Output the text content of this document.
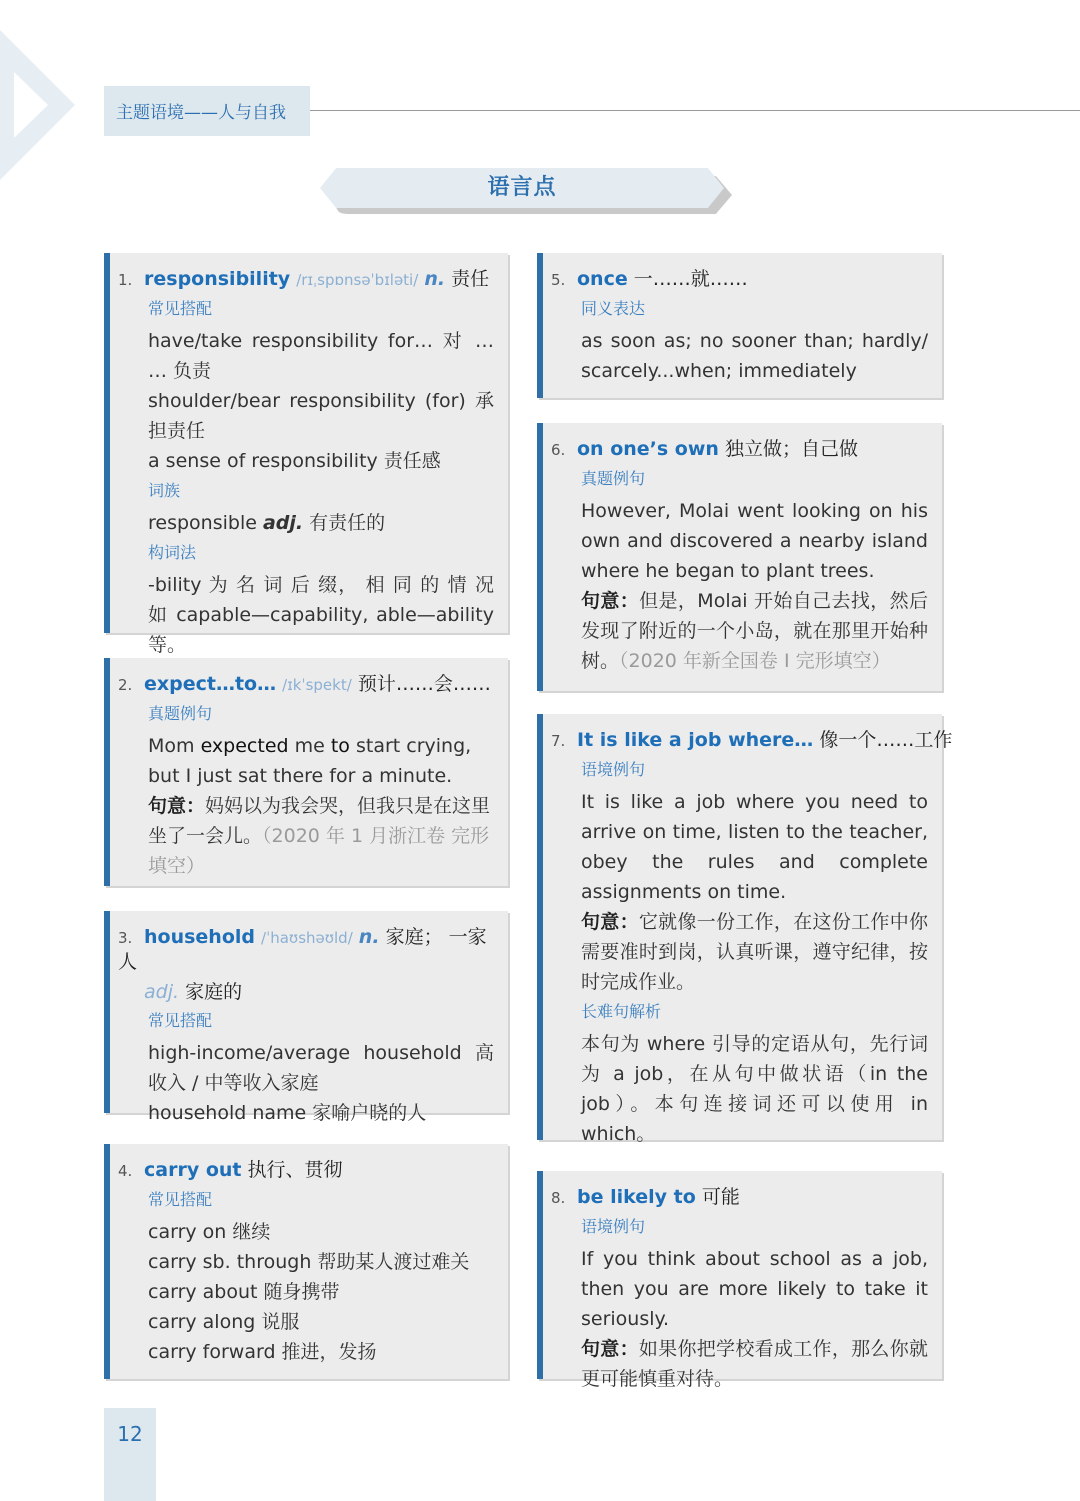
主题语境——人与自我
语言点
1. responsibility /rɪˌspɒnsəˈbɪləti/ n. 责任
常见搭配
have/take responsibility for… 对 … … 负责
shoulder/bear responsibility (for) 承担责任
a sense of responsibility 责任感
词族
responsible adj. 有责任的
构词法
-bility 为 名 词 后 缀， 相 同 的 情 况 如 capable—capability, able—ability 等。
2. expect…to… /ɪkˈspekt/ 预计……会……
真题例句
Mom expected me to start crying, but I just sat there for a minute.
句意：妈妈以为我会哭，但我只是在这里坐了一会儿。（2020 年 1 月浙江卷 完形填空）
3. household /ˈhaʊshəʊld/ n. 家庭； 一家人
adj. 家庭的
常见搭配
high-income/average household 高收入 / 中等收入家庭
household name 家喻户晓的人
4. carry out 执行、贯彻
常见搭配
carry on 继续
carry sb. through 帮助某人渡过难关
carry about 随身携带
carry along 说服
carry forward 推进，发扬
5. once 一……就……
同义表达
as soon as; no sooner than; hardly/ scarcely...when; immediately
6. on one’s own 独立做；自己做
真题例句
However, Molai went looking on his own and discovered a nearby island where he began to plant trees.
句意：但是，Molai 开始自己去找，然后发现了附近的一个小岛，就在那里开始种树。（2020 年新全国卷 I 完形填空）
7. It is like a job where… 像一个……工作
语境例句
It is like a job where you need to arrive on time, listen to the teacher, obey the rules and complete assignments on time.
句意：它就像一份工作，在这份工作中你需要准时到岗，认真听课，遵守纪律，按时完成作业。
长难句解析
本句为 where 引导的定语从句，先行词为 a job，在从句中做状语（in the job）。本句连接词还可以使用 in which。
8. be likely to 可能
语境例句
If you think about school as a job, then you are more likely to take it seriously.
句意：如果你把学校看成工作，那么你就更可能慎重对待。
12
